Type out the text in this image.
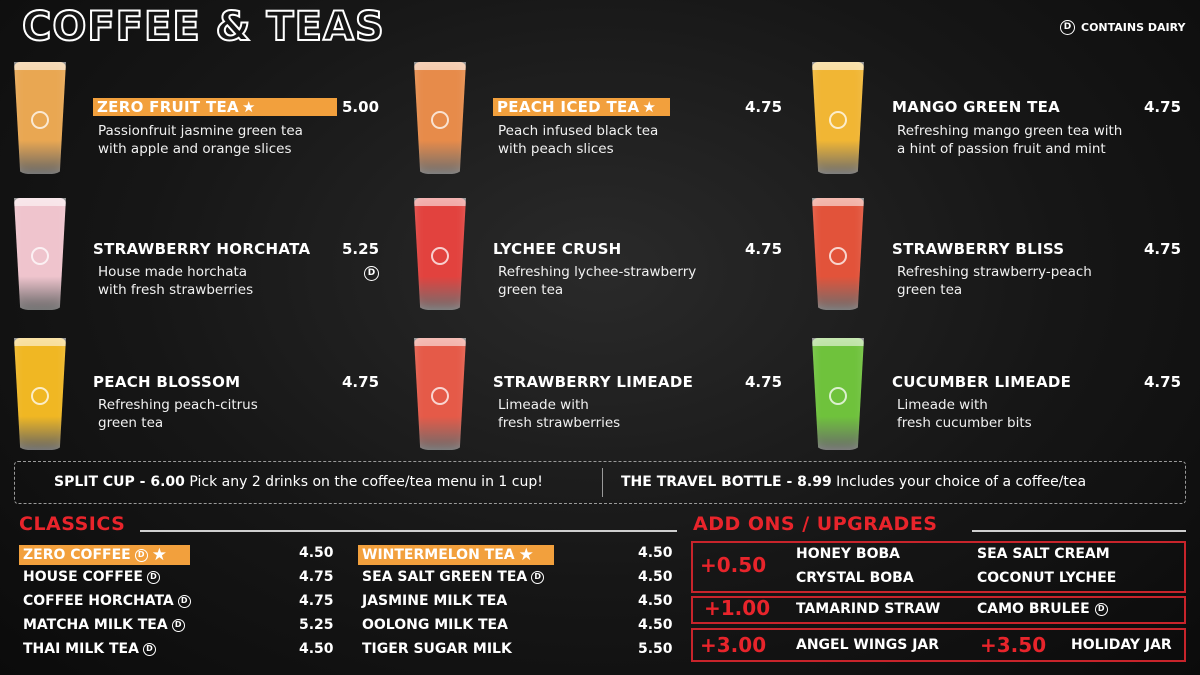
COFFEE & TEAS	D CONTAINS DAIRY
ZERO FRUIT TEA ★	5.00
Passionfruit jasmine green tea
with apple and orange slices
PEACH ICED TEA ★	4.75
Peach infused black tea
with peach slices
MANGO GREEN TEA	4.75
Refreshing mango green tea with
a hint of passion fruit and mint
STRAWBERRY HORCHATA 5.25
D
House made horchata
with fresh strawberries
LYCHEE CRUSH	4.75
Refreshing lychee-strawberry
green tea
STRAWBERRY BLISS	4.75
Refreshing strawberry-peach
green tea
PEACH BLOSSOM	4.75
Refreshing peach-citrus
green tea
STRAWBERRY LIMEADE	4.75
Limeade with
fresh strawberries
CUCUMBER LIMEADE	4.75
Limeade with
fresh cucumber bits
SPLIT CUP - 6.00 Pick any 2 drinks on the coffee/tea menu in 1 cup!	THE TRAVEL BOTTLE - 8.99 Includes your choice of a coffee/tea
CLASSICS
ZERO COFFEE D ★	4.50
HOUSE COFFEE D	4.75
COFFEE HORCHATA D	4.75
MATCHA MILK TEA D	5.25
THAI MILK TEA D	4.50
WINTERMELON TEA ★	4.50
SEA SALT GREEN TEA D	4.50
JASMINE MILK TEA	4.50
OOLONG MILK TEA	4.50
TIGER SUGAR MILK	5.50
ADD ONS / UPGRADES
+0.50 HONEY BOBA	SEA SALT CREAM
CRYSTAL BOBA	COCONUT LYCHEE
+1.00 TAMARIND STRAW	CAMO BRULEE	D
+3.00 ANGEL WINGS JAR +3.50 HOLIDAY JAR
